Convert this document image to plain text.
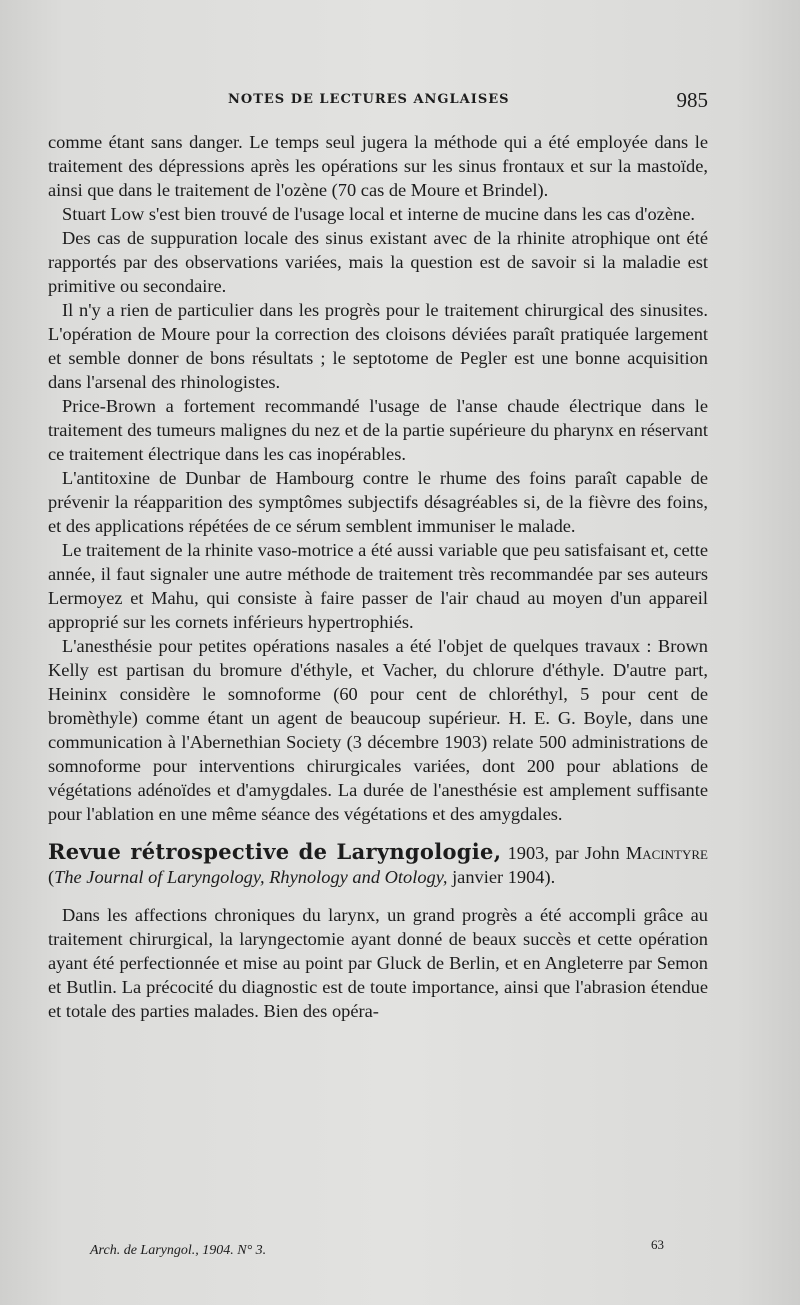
NOTES DE LECTURES ANGLAISES	985

comme étant sans danger. Le temps seul jugera la méthode qui a été employée dans le traitement des dépressions après les opérations sur les sinus frontaux et sur la mastoïde, ainsi que dans le traitement de l'ozène (70 cas de Moure et Brindel).

Stuart Low s'est bien trouvé de l'usage local et interne de mucine dans les cas d'ozène.

Des cas de suppuration locale des sinus existant avec de la rhinite atrophique ont été rapportés par des observations variées, mais la question est de savoir si la maladie est primitive ou secondaire.

Il n'y a rien de particulier dans les progrès pour le traitement chirurgical des sinusites. L'opération de Moure pour la correction des cloisons déviées paraît pratiquée largement et semble donner de bons résultats ; le septotome de Pegler est une bonne acquisition dans l'arsenal des rhinologistes.

Price-Brown a fortement recommandé l'usage de l'anse chaude électrique dans le traitement des tumeurs malignes du nez et de la partie supérieure du pharynx en réservant ce traitement électrique dans les cas inopérables.

L'antitoxine de Dunbar de Hambourg contre le rhume des foins paraît capable de prévenir la réapparition des symptômes subjectifs désagréables si, de la fièvre des foins, et des applications répétées de ce sérum semblent immuniser le malade.

Le traitement de la rhinite vaso-motrice a été aussi variable que peu satisfaisant et, cette année, il faut signaler une autre méthode de traitement très recommandée par ses auteurs Lermoyez et Mahu, qui consiste à faire passer de l'air chaud au moyen d'un appareil approprié sur les cornets inférieurs hypertrophiés.

L'anesthésie pour petites opérations nasales a été l'objet de quelques travaux : Brown Kelly est partisan du bromure d'éthyle, et Vacher, du chlorure d'éthyle. D'autre part, Heininx considère le somnoforme (60 pour cent de chloréthyl, 5 pour cent de bromèthyle) comme étant un agent de beaucoup supérieur. H. E. G. Boyle, dans une communication à l'Abernethian Society (3 décembre 1903) relate 500 administrations de somnoforme pour interventions chirurgicales variées, dont 200 pour ablations de végétations adénoïdes et d'amygdales. La durée de l'anesthésie est amplement suffisante pour l'ablation en une même séance des végétations et des amygdales.

Revue rétrospective de Laryngologie, 1903, par John Macintyre (The Journal of Laryngology, Rhynology and Otology, janvier 1904).

Dans les affections chroniques du larynx, un grand progrès a été accompli grâce au traitement chirurgical, la laryngectomie ayant donné de beaux succès et cette opération ayant été perfectionnée et mise au point par Gluck de Berlin, et en Angleterre par Semon et Butlin. La précocité du diagnostic est de toute importance, ainsi que l'abrasion étendue et totale des parties malades. Bien des opéra-

Arch. de Laryngol., 1904. N° 3.	63
